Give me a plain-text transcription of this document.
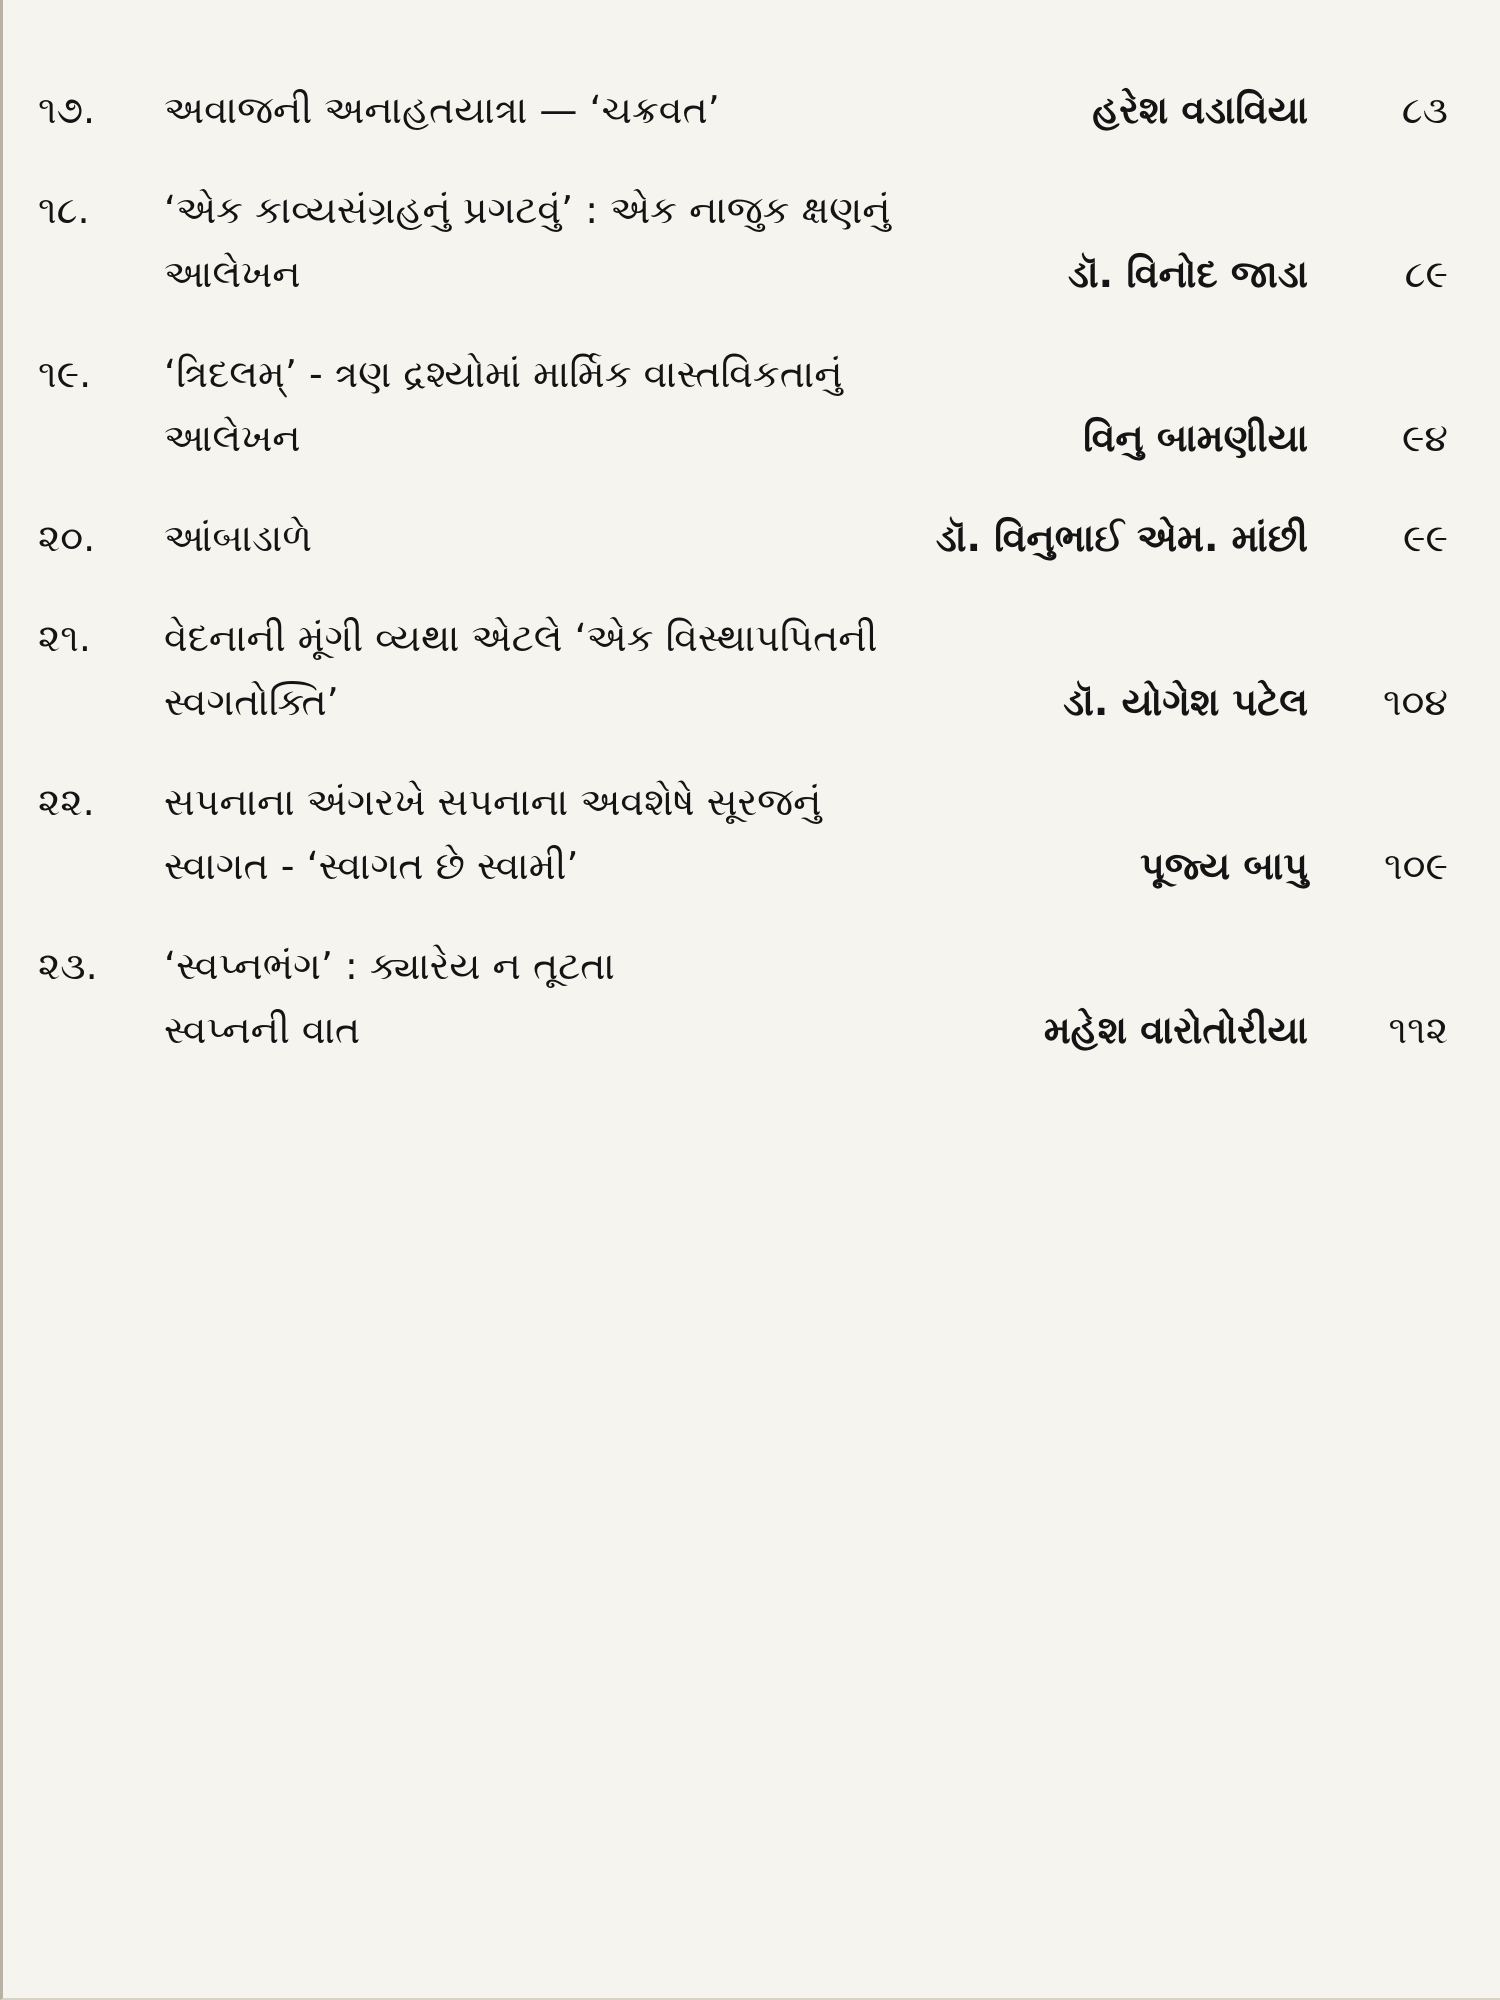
૧૭.	અવાજની અનાહતયાત્રા — ‘ચક્રવત’	હરેશ વડાવિયા	૮૩
૧૮.	‘એક કાવ્યસંગ્રહનું પ્રગટવું’ : એક નાજુક ક્ષણનું
આલેખન	ડૉ. વિનોદ જાડા	૮૯
૧૯.	‘ત્રિદલમ્’ - ત્રણ દ્રશ્યોમાં માર્મિક વાસ્તવિકતાનું
આલેખન	વિનુ બામણીયા	૯૪
૨૦.	આંબાડાળે	ડૉ. વિનુભાઈ એમ. માંછી	૯૯
૨૧.	વેદનાની મૂંગી વ્યથા એટલે ‘એક વિસ્થાપપિતની
સ્વગતોક્તિ’	ડૉ. યોગેશ પટેલ	૧૦૪
૨૨.	સપનાના અંગરખે સપનાના અવશેષે સૂરજનું
સ્વાગત - ‘સ્વાગત છે સ્વામી’	પૂજ્ય બાપુ	૧૦૯
૨૩.	‘સ્વપ્નભંગ’ : ક્યારેય ન તૂટતા
સ્વપ્નની વાત	મહેશ વારોતોરીયા	૧૧૨
